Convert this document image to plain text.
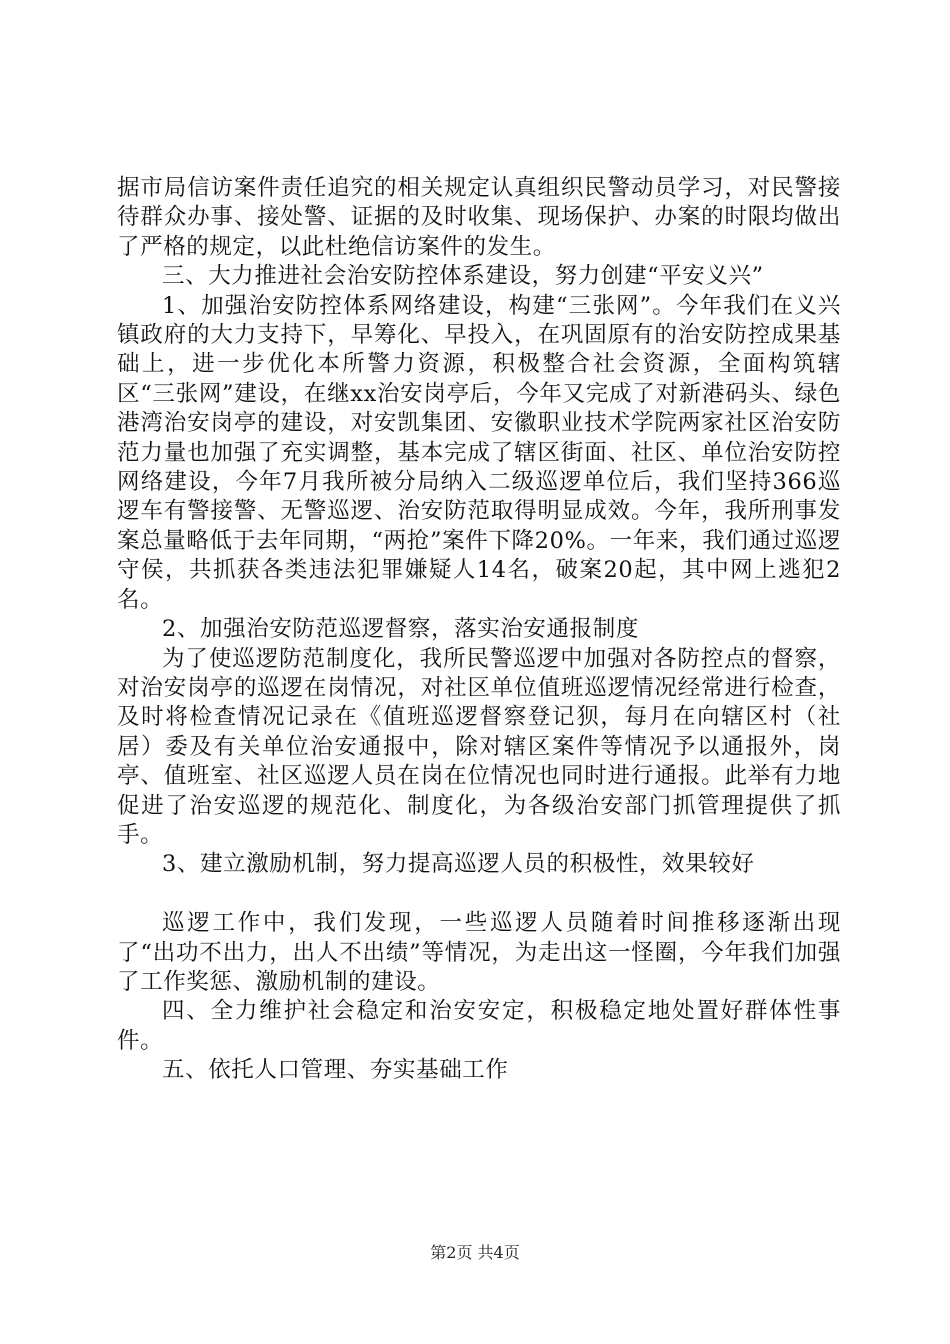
据市局信访案件责任追究的相关规定认真组织民警动员学习，对民警接待群众办事、接处警、证据的及时收集、现场保护、办案的时限均做出了严格的规定，以此杜绝信访案件的发生。

三、大力推进社会治安防控体系建设，努力创建“平安义兴”

1、加强治安防控体系网络建设，构建“三张网”。今年我们在义兴镇政府的大力支持下，早筹化、早投入，在巩固原有的治安防控成果基础上，进一步优化本所警力资源，积极整合社会资源，全面构筑辖区“三张网”建设，在继xx治安岗亭后，今年又完成了对新港码头、绿色港湾治安岗亭的建设，对安凯集团、安徽职业技术学院两家社区治安防范力量也加强了充实调整，基本完成了辖区街面、社区、单位治安防控网络建设，今年7月我所被分局纳入二级巡逻单位后，我们坚持366巡逻车有警接警、无警巡逻、治安防范取得明显成效。今年，我所刑事发案总量略低于去年同期，“两抢”案件下降20%。一年来，我们通过巡逻守侯，共抓获各类违法犯罪嫌疑人14名，破案20起，其中网上逃犯2名。

2、加强治安防范巡逻督察，落实治安通报制度

为了使巡逻防范制度化，我所民警巡逻中加强对各防控点的督察，对治安岗亭的巡逻在岗情况，对社区单位值班巡逻情况经常进行检查，及时将检查情况记录在《值班巡逻督察登记狈，每月在向辖区村（社居）委及有关单位治安通报中，除对辖区案件等情况予以通报外，岗亭、值班室、社区巡逻人员在岗在位情况也同时进行通报。此举有力地促进了治安巡逻的规范化、制度化，为各级治安部门抓管理提供了抓手。

3、建立激励机制，努力提高巡逻人员的积极性，效果较好

巡逻工作中，我们发现，一些巡逻人员随着时间推移逐渐出现了“出功不出力，出人不出绩”等情况，为走出这一怪圈，今年我们加强了工作奖惩、激励机制的建设。

四、全力维护社会稳定和治安安定，积极稳定地处置好群体性事件。

五、依托人口管理、夯实基础工作

第2页 共4页
